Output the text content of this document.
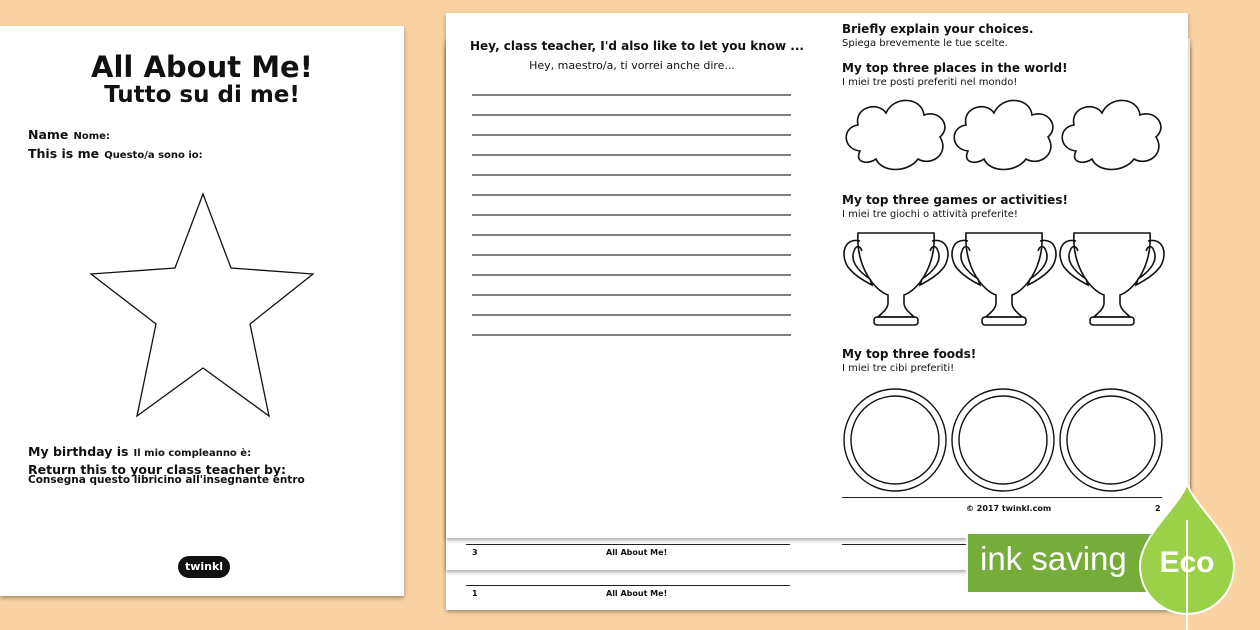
1	All About Me!
3	All About Me!
Hey, class teacher, I'd also like to let you know ...
Hey, maestro/a, ti vorrei anche dire...
Briefly explain your choices.
Spiega brevemente le tue scelte.
My top three places in the world!
I miei tre posti preferiti nel mondo!
My top three games or activities!
I miei tre giochi o attività preferite!
My top three foods!
I miei tre cibi preferiti!
© 2017 twinkl.com	2
All About Me!
Tutto su di me!
Name Nome:
This is me Questo/a sono io:
My birthday is Il mio compleanno è:
Return this to your class teacher by:
Consegna questo libricino all'insegnante entro
twinkl	ink saving Eco
